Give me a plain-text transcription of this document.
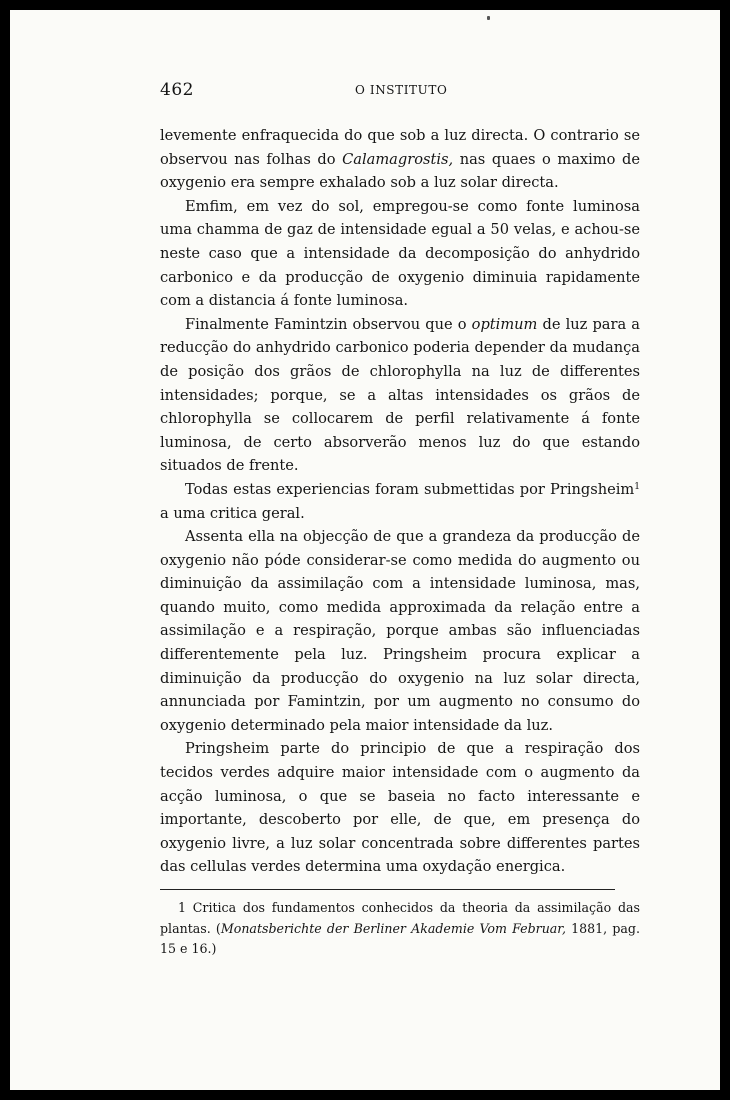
462	O INSTITUTO

levemente enfraquecida do que sob a luz directa. O contrario se observou nas folhas do Calamagrostis, nas quaes o maximo de oxygenio era sempre exhalado sob a luz solar directa.

Emfim, em vez do sol, empregou-se como fonte luminosa uma chamma de gaz de intensidade egual a 50 velas, e achou-se neste caso que a intensidade da decomposição do anhydrido carbonico e da producção de oxygenio diminuia rapidamente com a distancia á fonte luminosa.

Finalmente Famintzin observou que o optimum de luz para a reducção do anhydrido carbonico poderia depender da mudança de posição dos grãos de chlorophylla na luz de differentes intensidades; porque, se a altas intensidades os grãos de chlorophylla se collocarem de perfil relativamente á fonte luminosa, de certo absorverão menos luz do que estando situados de frente.

Todas estas experiencias foram submettidas por Pringsheim$^1$ a uma critica geral.

Assenta ella na objecção de que a grandeza da producção de oxygenio não póde considerar-se como medida do augmento ou diminuição da assimilação com a intensidade luminosa, mas, quando muito, como medida approximada da relação entre a assimilação e a respiração, porque ambas são influenciadas differentemente pela luz. Pringsheim procura explicar a diminuição da producção do oxygenio na luz solar directa, annunciada por Famintzin, por um augmento no consumo do oxygenio determinado pela maior intensidade da luz.

Pringsheim parte do principio de que a respiração dos tecidos verdes adquire maior intensidade com o augmento da acção luminosa, o que se baseia no facto interessante e importante, descoberto por elle, de que, em presença do oxygenio livre, a luz solar concentrada sobre differentes partes das cellulas verdes determina uma oxydação energica.

1 Critica dos fundamentos conhecidos da theoria da assimilação das plantas. (Monatsberichte der Berliner Akademie Vom Februar, 1881, pag. 15 e 16.)
